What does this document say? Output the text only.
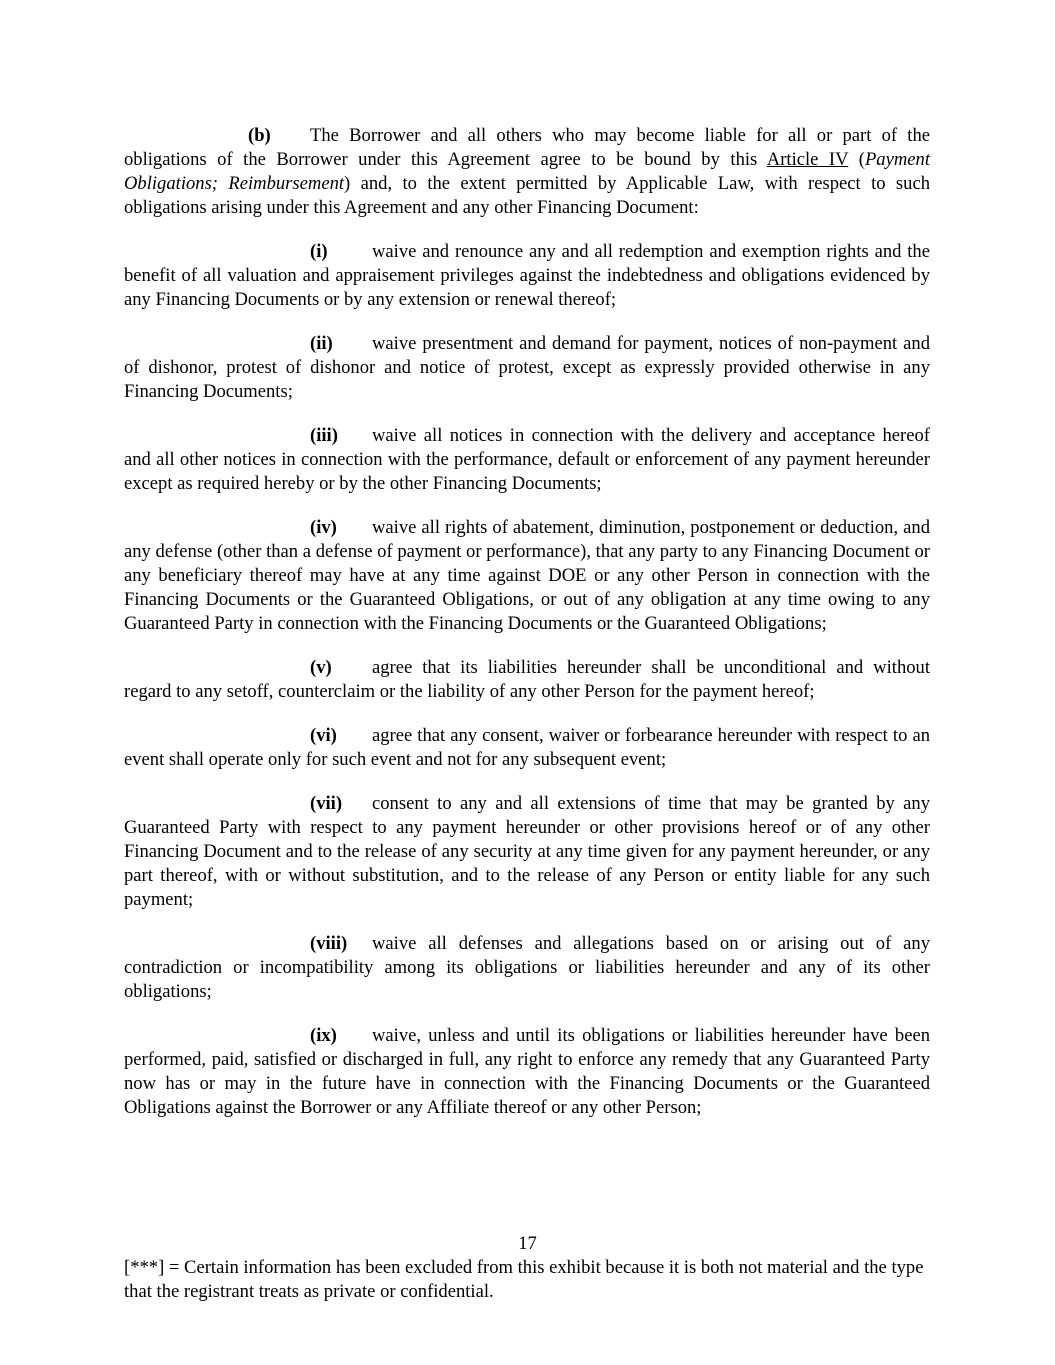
(b) The Borrower and all others who may become liable for all or part of the obligations of the Borrower under this Agreement agree to be bound by this Article IV (Payment Obligations; Reimbursement) and, to the extent permitted by Applicable Law, with respect to such obligations arising under this Agreement and any other Financing Document:

(i) waive and renounce any and all redemption and exemption rights and the benefit of all valuation and appraisement privileges against the indebtedness and obligations evidenced by any Financing Documents or by any extension or renewal thereof;

(ii) waive presentment and demand for payment, notices of non-payment and of dishonor, protest of dishonor and notice of protest, except as expressly provided otherwise in any Financing Documents;

(iii) waive all notices in connection with the delivery and acceptance hereof and all other notices in connection with the performance, default or enforcement of any payment hereunder except as required hereby or by the other Financing Documents;

(iv) waive all rights of abatement, diminution, postponement or deduction, and any defense (other than a defense of payment or performance), that any party to any Financing Document or any beneficiary thereof may have at any time against DOE or any other Person in connection with the Financing Documents or the Guaranteed Obligations, or out of any obligation at any time owing to any Guaranteed Party in connection with the Financing Documents or the Guaranteed Obligations;

(v) agree that its liabilities hereunder shall be unconditional and without regard to any setoff, counterclaim or the liability of any other Person for the payment hereof;

(vi) agree that any consent, waiver or forbearance hereunder with respect to an event shall operate only for such event and not for any subsequent event;

(vii) consent to any and all extensions of time that may be granted by any Guaranteed Party with respect to any payment hereunder or other provisions hereof or of any other Financing Document and to the release of any security at any time given for any payment hereunder, or any part thereof, with or without substitution, and to the release of any Person or entity liable for any such payment;

(viii) waive all defenses and allegations based on or arising out of any contradiction or incompatibility among its obligations or liabilities hereunder and any of its other obligations;

(ix) waive, unless and until its obligations or liabilities hereunder have been performed, paid, satisfied or discharged in full, any right to enforce any remedy that any Guaranteed Party now has or may in the future have in connection with the Financing Documents or the Guaranteed Obligations against the Borrower or any Affiliate thereof or any other Person;

17
[***] = Certain information has been excluded from this exhibit because it is both not material and the type that the registrant treats as private or confidential.
